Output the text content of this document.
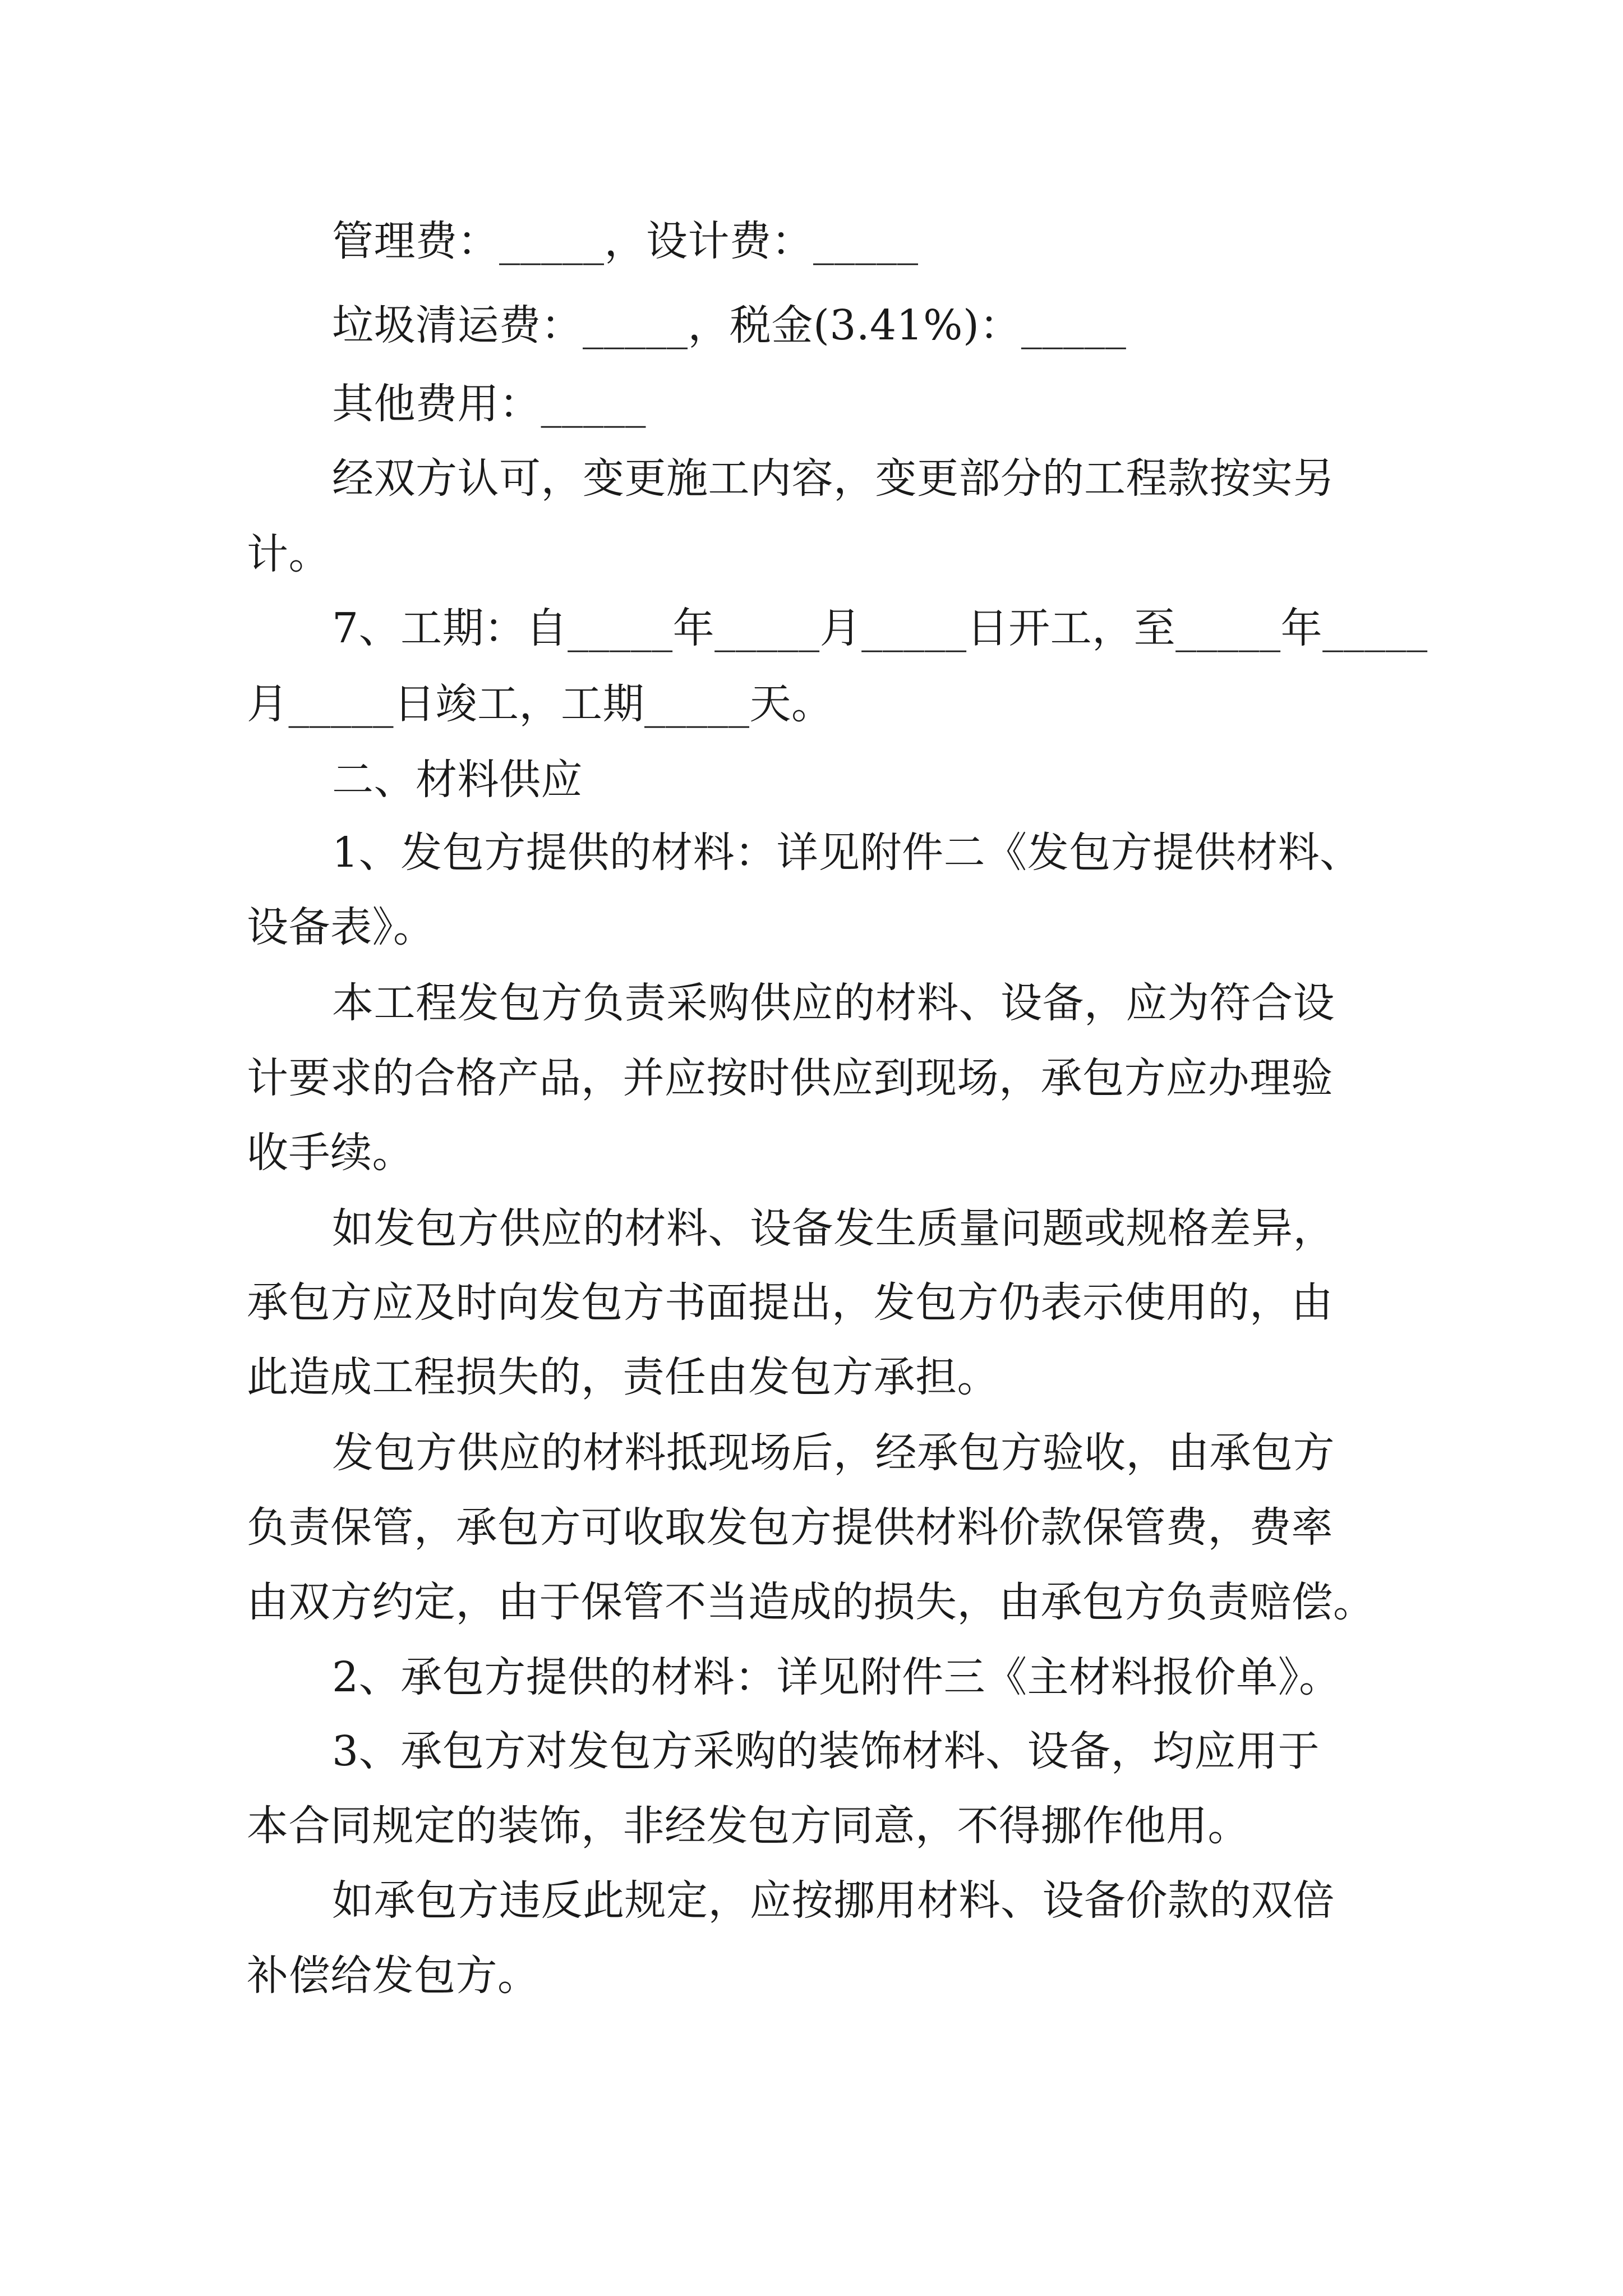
管理费：_____，设计费：_____
垃圾清运费：_____，税金(3.41%)：_____
其他费用：_____
经双方认可，变更施工内容，变更部分的工程款按实另
计。
7、工期：自_____年_____月_____日开工，至_____年_____
月_____日竣工，工期_____天。
二、材料供应
1、发包方提供的材料：详见附件二《发包方提供材料、
设备表》。
本工程发包方负责采购供应的材料、设备，应为符合设
计要求的合格产品，并应按时供应到现场，承包方应办理验
收手续。
如发包方供应的材料、设备发生质量问题或规格差异，
承包方应及时向发包方书面提出，发包方仍表示使用的，由
此造成工程损失的，责任由发包方承担。
发包方供应的材料抵现场后，经承包方验收，由承包方
负责保管，承包方可收取发包方提供材料价款保管费，费率
由双方约定，由于保管不当造成的损失，由承包方负责赔偿。
2、承包方提供的材料：详见附件三《主材料报价单》。
3、承包方对发包方采购的装饰材料、设备，均应用于
本合同规定的装饰，非经发包方同意，不得挪作他用。
如承包方违反此规定，应按挪用材料、设备价款的双倍
补偿给发包方。
